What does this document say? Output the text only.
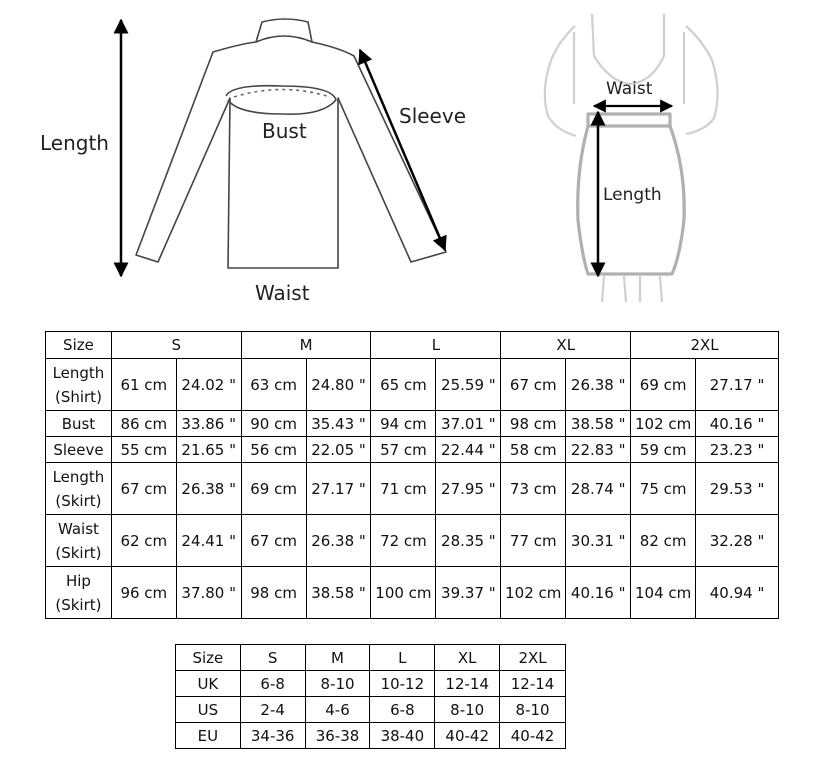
Length	Bust
Sleeve
Waist
Waist
Length
Size	S		M		L		XL		2XL	
Length
(Shirt)	61 cm	24.02 "	63 cm	24.80 "	65 cm	25.59 "	67 cm	26.38 "	69 cm	27.17 "
Bust	86 cm	33.86 "	90 cm	35.43 "	94 cm	37.01 "	98 cm	38.58 "	102 cm	40.16 "
Sleeve	55 cm	21.65 "	56 cm	22.05 "	57 cm	22.44 "	58 cm	22.83 "	59 cm	23.23 "
Length
(Skirt)	67 cm	26.38 "	69 cm	27.17 "	71 cm	27.95 "	73 cm	28.74 "	75 cm	29.53 "
Waist
(Skirt)	62 cm	24.41 "	67 cm	26.38 "	72 cm	28.35 "	77 cm	30.31 "	82 cm	32.28 "
Hip
(Skirt)	96 cm	37.80 "	98 cm	38.58 "	100 cm	39.37 "	102 cm	40.16 "	104 cm	40.94 "
Size	S	M	L	XL	2XL
UK	6-8	8-10	10-12	12-14	12-14
US	2-4	4-6	6-8	8-10	8-10
EU	34-36	36-38	38-40	40-42	40-42
